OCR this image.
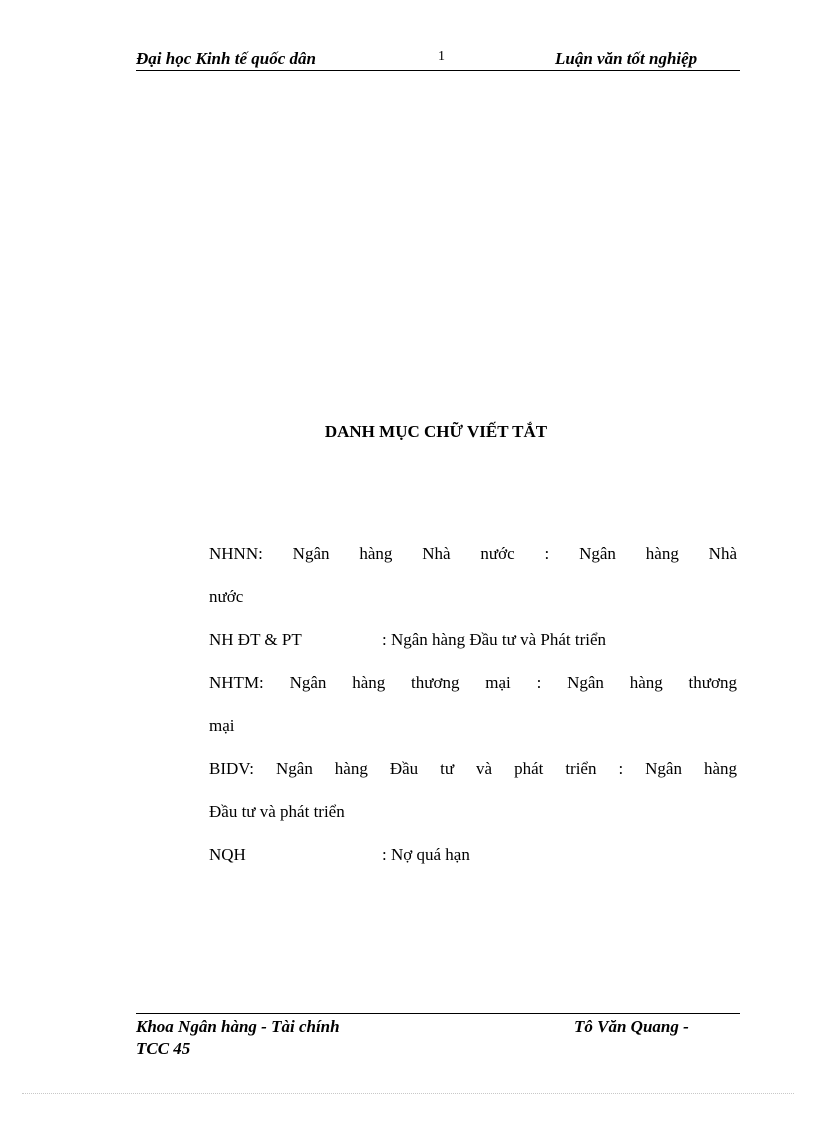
Đại học Kinh tế quốc dân	1	Luận văn tốt nghiệp
DANH MỤC CHỮ VIẾT TẮT
NHNN: Ngân hàng Nhà nước : Ngân hàng Nhà
nước
NH ĐT & PT	: Ngân hàng Đầu tư và Phát triển
NHTM: Ngân hàng thương mại : Ngân hàng thương
mại
BIDV: Ngân hàng Đầu tư và phát triển : Ngân hàng
Đầu tư và phát triển
NQH	: Nợ quá hạn
Khoa Ngân hàng - Tài chính	Tô Văn Quang -
TCC 45
